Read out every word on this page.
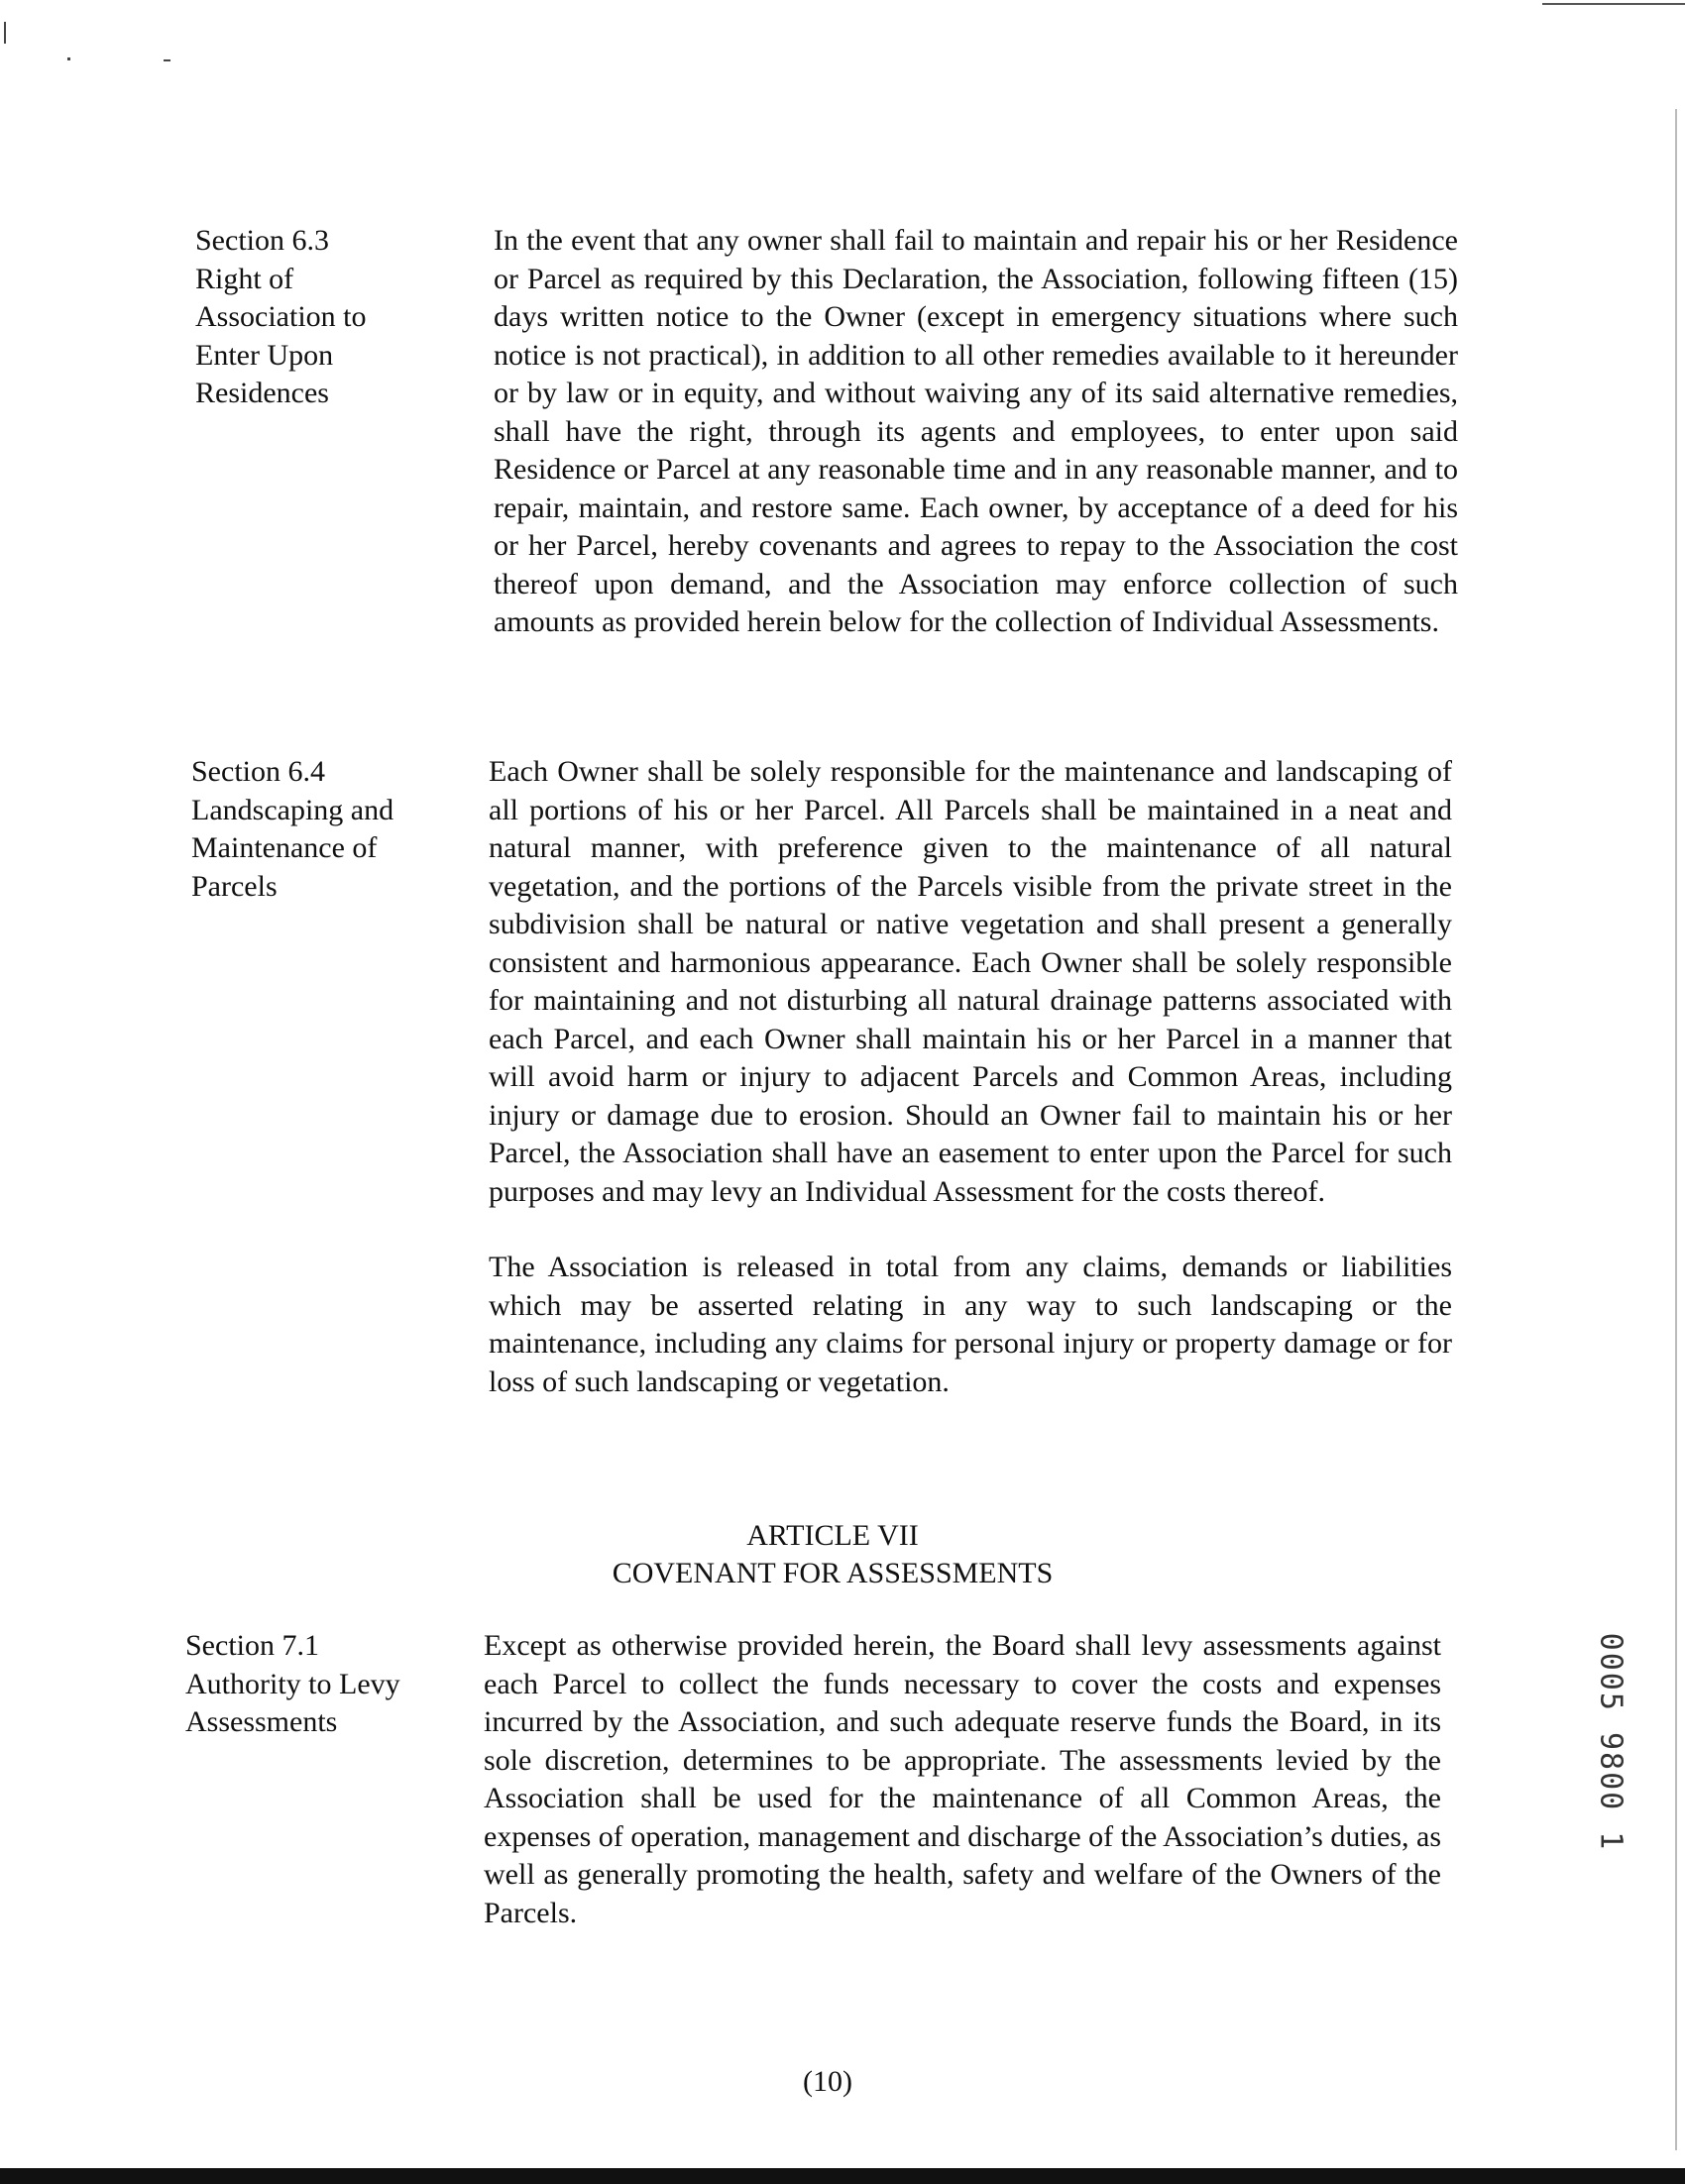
Section 6.3
Right of
Association to
Enter Upon
Residences

In the event that any owner shall fail to maintain and repair his or her Residence or Parcel as required by this Declaration, the Association, following fifteen (15) days written notice to the Owner (except in emergency situations where such notice is not practical), in addition to all other remedies available to it hereunder or by law or in equity, and without waiving any of its said alternative remedies, shall have the right, through its agents and employees, to enter upon said Residence or Parcel at any reasonable time and in any reasonable manner, and to repair, maintain, and restore same. Each owner, by acceptance of a deed for his or her Parcel, hereby covenants and agrees to repay to the Association the cost thereof upon demand, and the Association may enforce collection of such amounts as provided herein below for the collection of Individual Assessments.

Section 6.4
Landscaping and
Maintenance of
Parcels

Each Owner shall be solely responsible for the maintenance and landscaping of all portions of his or her Parcel. All Parcels shall be maintained in a neat and natural manner, with preference given to the maintenance of all natural vegetation, and the portions of the Parcels visible from the private street in the subdivision shall be natural or native vegetation and shall present a generally consistent and harmonious appearance. Each Owner shall be solely responsible for maintaining and not disturbing all natural drainage patterns associated with each Parcel, and each Owner shall maintain his or her Parcel in a manner that will avoid harm or injury to adjacent Parcels and Common Areas, including injury or damage due to erosion. Should an Owner fail to maintain his or her Parcel, the Association shall have an easement to enter upon the Parcel for such purposes and may levy an Individual Assessment for the costs thereof.

The Association is released in total from any claims, demands or liabilities which may be asserted relating in any way to such landscaping or the maintenance, including any claims for personal injury or property damage or for loss of such landscaping or vegetation.

ARTICLE VII
COVENANT FOR ASSESSMENTS
Section 7.1
Authority to Levy
Assessments

Except as otherwise provided herein, the Board shall levy assessments against each Parcel to collect the funds necessary to cover the costs and expenses incurred by the Association, and such adequate reserve funds the Board, in its sole discretion, determines to be appropriate. The assessments levied by the Association shall be used for the maintenance of all Common Areas, the expenses of operation, management and discharge of the Association’s duties, as well as generally promoting the health, safety and welfare of the Owners of the Parcels.

(10)
0005 9800 1
